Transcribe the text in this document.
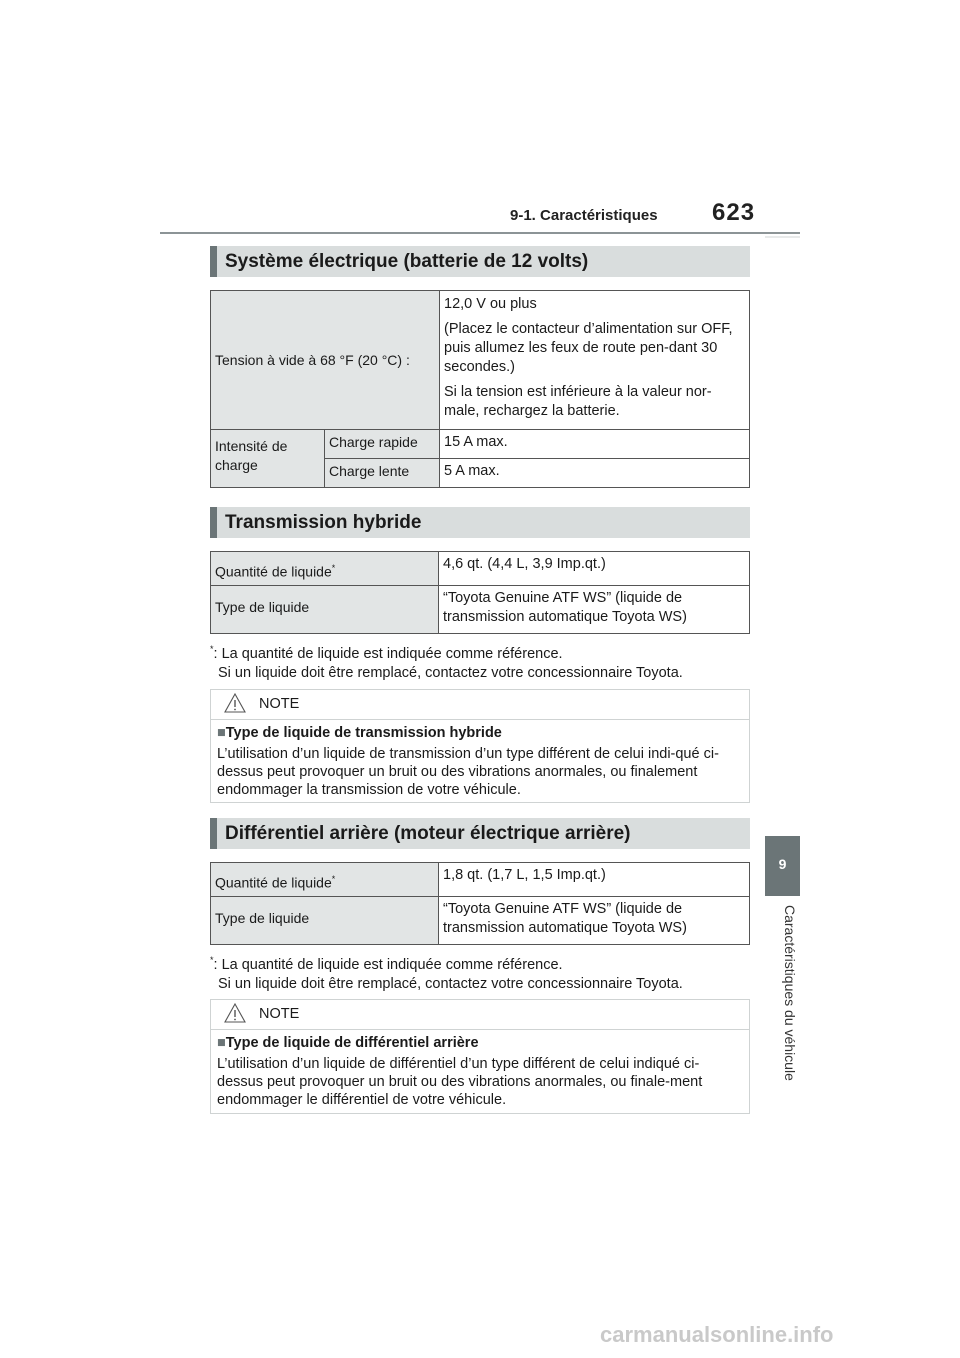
9-1. Caractéristiques 623
9
Caractéristiques du véhicule
Système électrique (batterie de 12 volts)
Tension à vide à 68 °F (20 °C) :		12,0 V ou plus

(Placez le contacteur d’alimentation sur OFF, puis allumez les feux de route pen-dant 30 secondes.)

Si la tension est inférieure à la valeur nor-male, rechargez la batterie.

Intensité de charge	Charge rapide	15 A max.
	Charge lente	5 A max.
Transmission hybride
Quantité de liquide*	4,6 qt. (4,4 L, 3,9 Imp.qt.)
Type de liquide	“Toyota Genuine ATF WS” (liquide de transmission automatique Toyota WS)
*: La quantité de liquide est indiquée comme référence.
Si un liquide doit être remplacé, contactez votre concessionnaire Toyota.
NOTE
■Type de liquide de transmission hybride
L’utilisation d’un liquide de transmission d’un type différent de celui indi-qué ci-dessus peut provoquer un bruit ou des vibrations anormales, ou finalement endommager la transmission de votre véhicule.
Différentiel arrière (moteur électrique arrière)
Quantité de liquide*	1,8 qt. (1,7 L, 1,5 Imp.qt.)
Type de liquide	“Toyota Genuine ATF WS” (liquide de transmission automatique Toyota WS)
*: La quantité de liquide est indiquée comme référence.
Si un liquide doit être remplacé, contactez votre concessionnaire Toyota.
NOTE
■Type de liquide de différentiel arrière
L’utilisation d’un liquide de différentiel d’un type différent de celui indiqué ci-dessus peut provoquer un bruit ou des vibrations anormales, ou finale-ment endommager le différentiel de votre véhicule.
carmanualsonline.info
